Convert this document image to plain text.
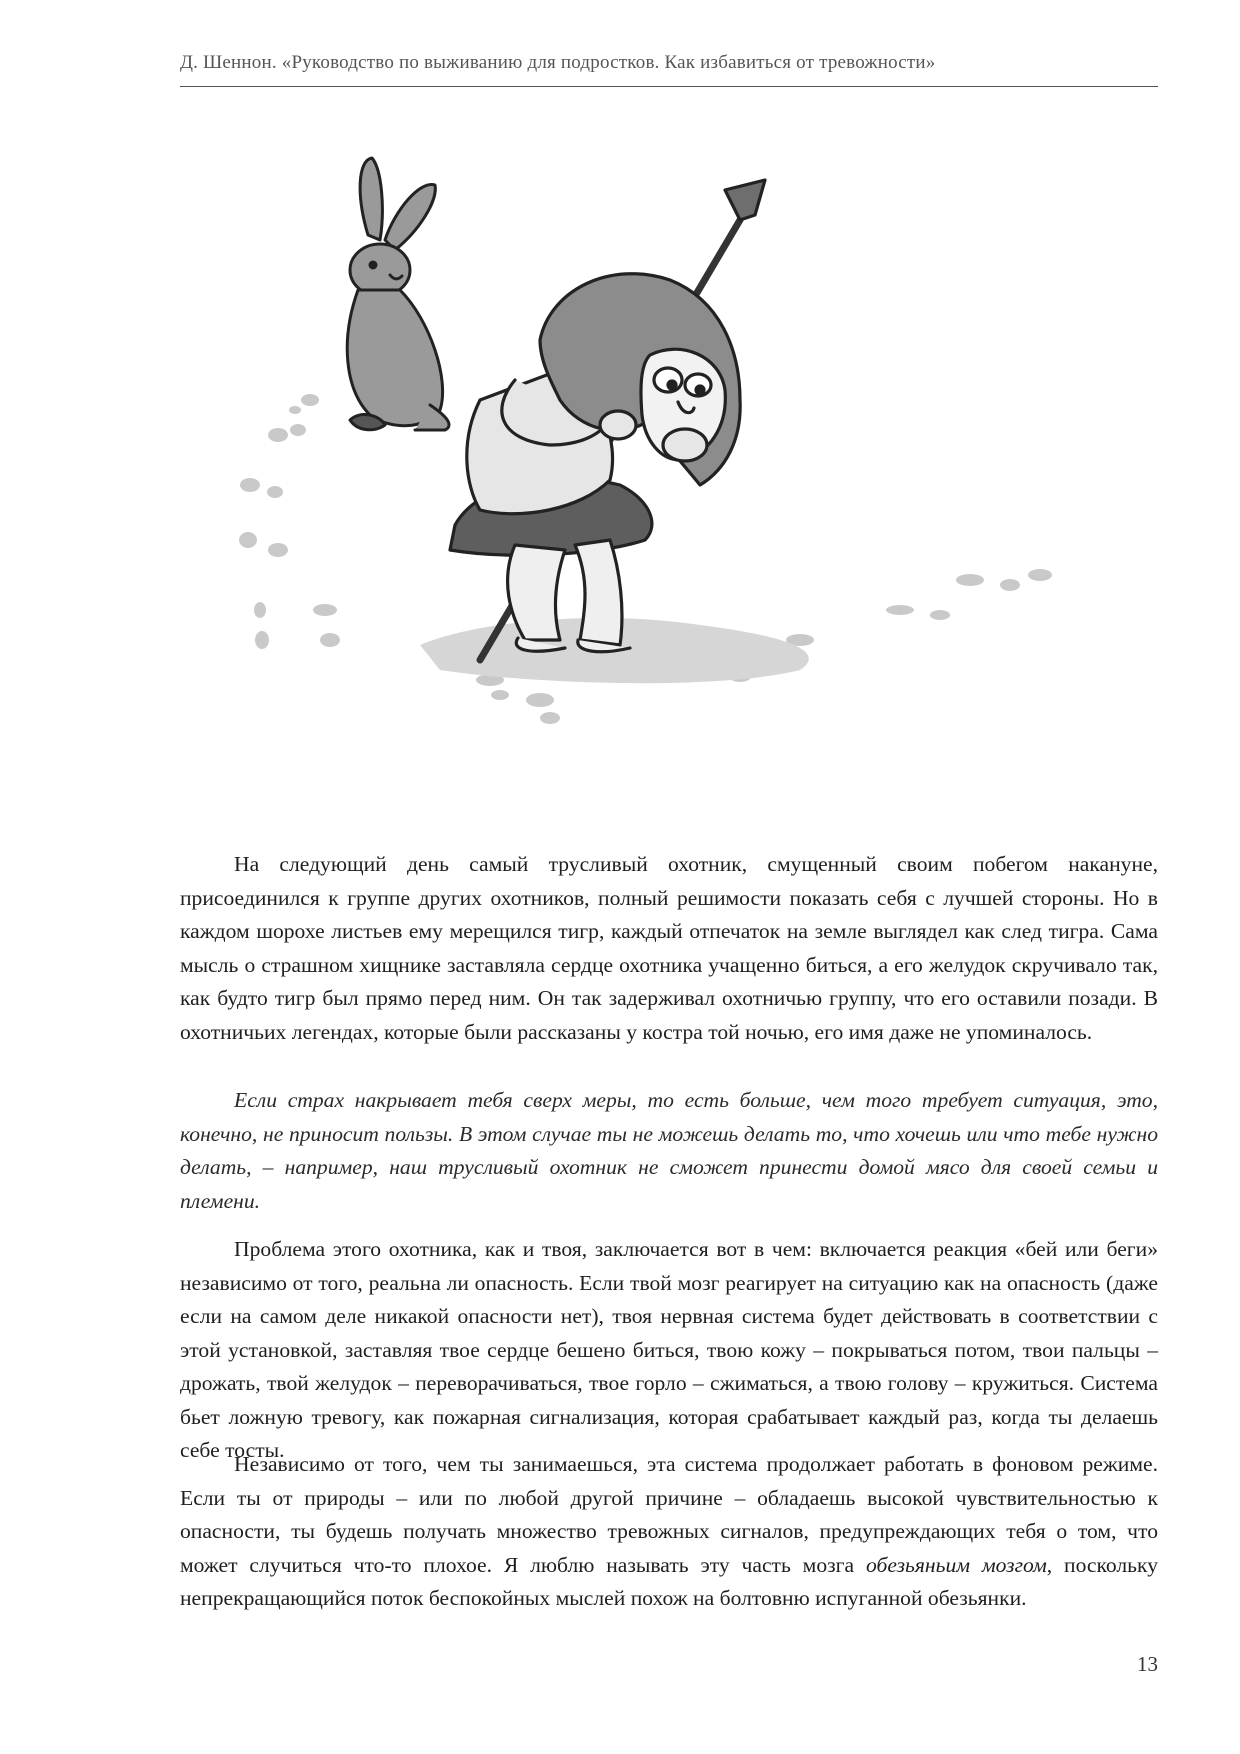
Д. Шеннон. «Руководство по выживанию для подростков. Как избавиться от тревожности»

На следующий день самый трусливый охотник, смущенный своим побегом накануне, присоединился к группе других охотников, полный решимости показать себя с лучшей стороны. Но в каждом шорохе листьев ему мерещился тигр, каждый отпечаток на земле выглядел как след тигра. Сама мысль о страшном хищнике заставляла сердце охотника учащенно биться, а его желудок скручивало так, как будто тигр был прямо перед ним. Он так задерживал охотничью группу, что его оставили позади. В охотничьих легендах, которые были рассказаны у костра той ночью, его имя даже не упоминалось.

Если страх накрывает тебя сверх меры, то есть больше, чем того требует ситуация, это, конечно, не приносит пользы. В этом случае ты не можешь делать то, что хочешь или что тебе нужно делать, – например, наш трусливый охотник не сможет принести домой мясо для своей семьи и племени.

Проблема этого охотника, как и твоя, заключается вот в чем: включается реакция «бей или беги» независимо от того, реальна ли опасность. Если твой мозг реагирует на ситуацию как на опасность (даже если на самом деле никакой опасности нет), твоя нервная система будет действовать в соответствии с этой установкой, заставляя твое сердце бешено биться, твою кожу – покрываться потом, твои пальцы – дрожать, твой желудок – переворачиваться, твое горло – сжиматься, а твою голову – кружиться. Система бьет ложную тревогу, как пожарная сигнализация, которая срабатывает каждый раз, когда ты делаешь себе тосты.

Независимо от того, чем ты занимаешься, эта система продолжает работать в фоновом режиме. Если ты от природы – или по любой другой причине – обладаешь высокой чувствительностью к опасности, ты будешь получать множество тревожных сигналов, предупреждающих тебя о том, что может случиться что-то плохое. Я люблю называть эту часть мозга обезьяньим мозгом, поскольку непрекращающийся поток беспокойных мыслей похож на болтовню испуганной обезьянки.

13
